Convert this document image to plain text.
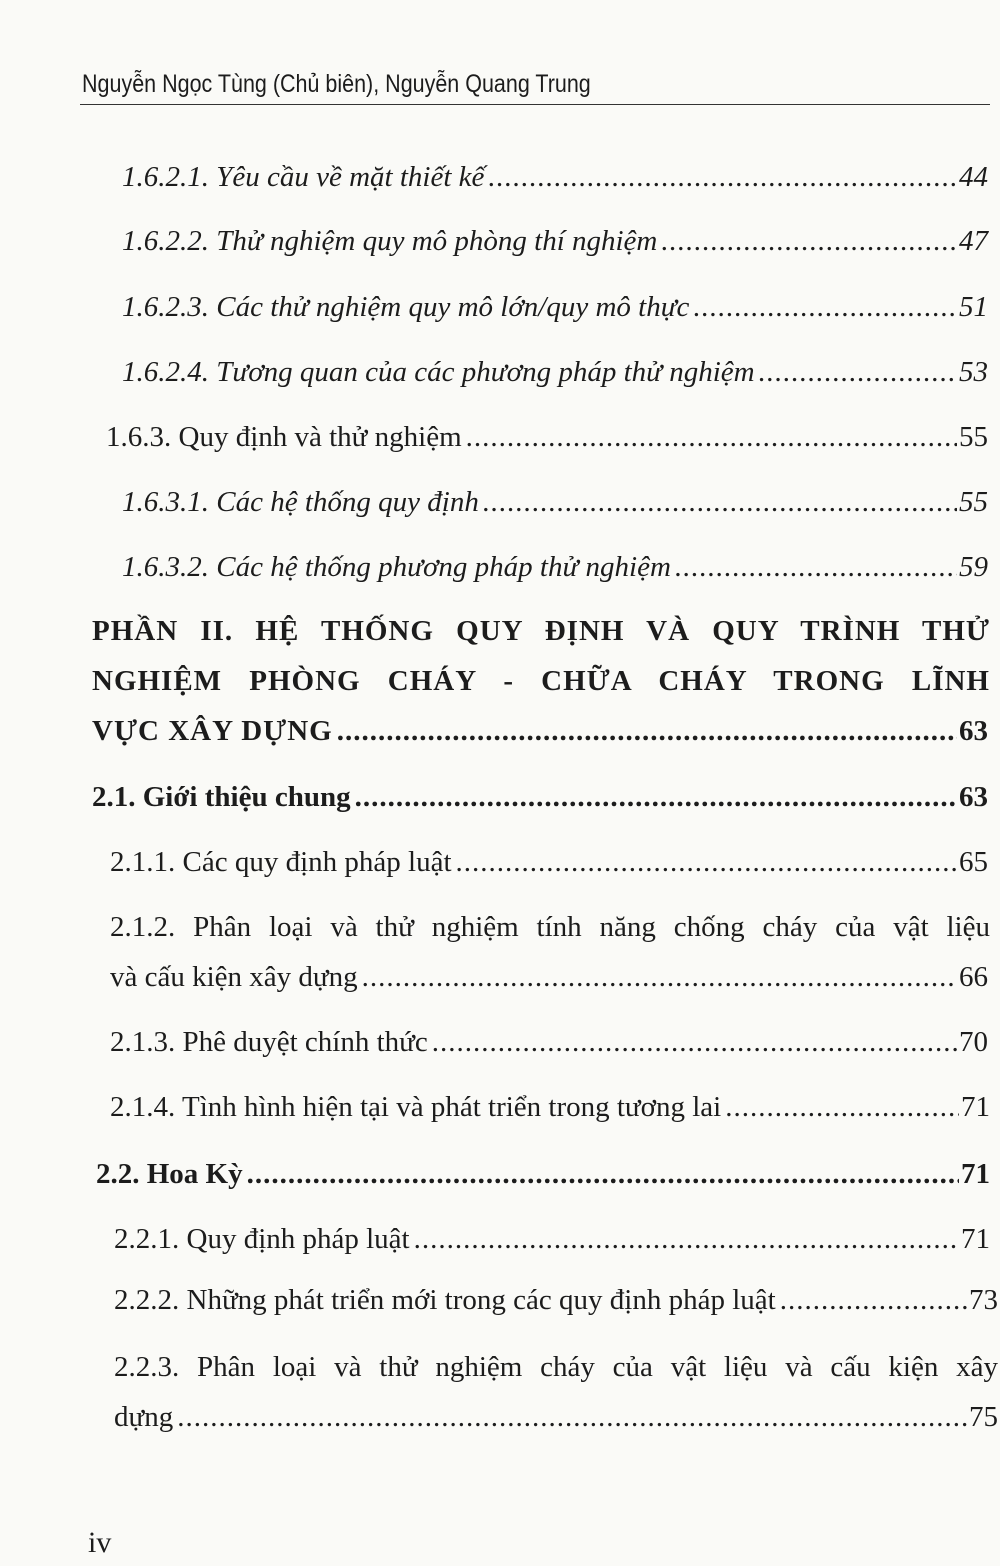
Nguyễn Ngọc Tùng (Chủ biên), Nguyễn Quang Trung
1.6.2.1. Yêu cầu về mặt thiết kế .....	44
1.6.2.2. Thử nghiệm quy mô phòng thí nghiệm .....	47
1.6.2.3. Các thử nghiệm quy mô lớn/quy mô thực .....	51
1.6.2.4. Tương quan của các phương pháp thử nghiệm .....	53
1.6.3. Quy định và thử nghiệm .....	55
1.6.3.1. Các hệ thống quy định .....	55
1.6.3.2. Các hệ thống phương pháp thử nghiệm .....	59
PHẦN II. HỆ THỐNG QUY ĐỊNH VÀ QUY TRÌNH THỬ
NGHIỆM PHÒNG CHÁY - CHỮA CHÁY TRONG LĨNH
VỰC XÂY DỰNG .....	63
2.1. Giới thiệu chung .....	63
2.1.1. Các quy định pháp luật .....	65
2.1.2. Phân loại và thử nghiệm tính năng chống cháy của vật liệu
và cấu kiện xây dựng .....	66
2.1.3. Phê duyệt chính thức .....	70
2.1.4. Tình hình hiện tại và phát triển trong tương lai .....	71
2.2. Hoa Kỳ .....	71
2.2.1. Quy định pháp luật .....	71
2.2.2. Những phát triển mới trong các quy định pháp luật .....	73
2.2.3. Phân loại và thử nghiệm cháy của vật liệu và cấu kiện xây
dựng .....	75
iv
